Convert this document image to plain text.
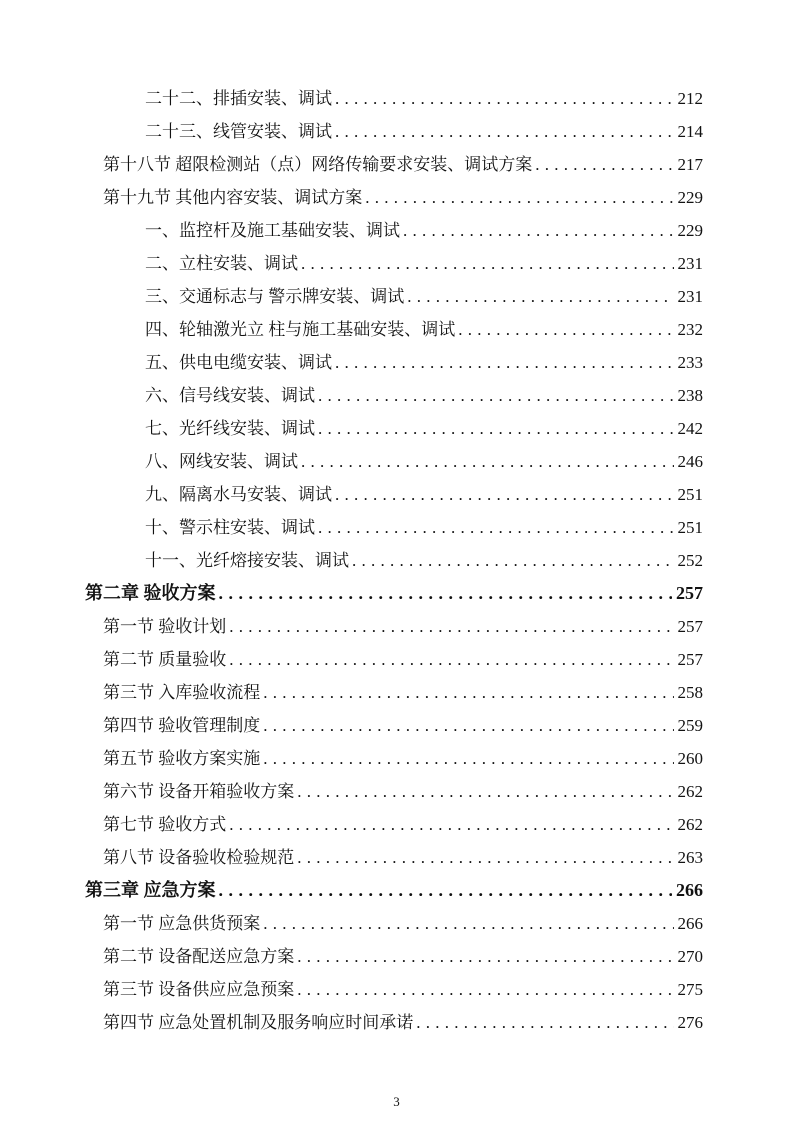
二十二、排插安装、调试 . . .	212
二十三、线管安装、调试 . . .	214
第十八节 超限检测站（点）网络传输要求安装、调试方案 . . .	217
第十九节 其他内容安装、调试方案 . . .	229
一、监控杆及施工基础安装、调试 . . .	229
二、立柱安装、调试 . . .	231
三、交通标志与 警示牌安装、调试 . . .	231
四、轮轴激光立 柱与施工基础安装、调试 . . .	232
五、供电电缆安装、调试 . . .	233
六、信号线安装、调试 . . .	238
七、光纤线安装、调试 . . .	242
八、网线安装、调试 . . .	246
九、隔离水马安装、调试 . . .	251
十、警示柱安装、调试 . . .	251
十一、光纤熔接安装、调试 . . .	252
第二章 验收方案 . . .	257
第一节 验收计划 . . .	257
第二节 质量验收 . . .	257
第三节 入库验收流程 . . .	258
第四节 验收管理制度 . . .	259
第五节 验收方案实施 . . .	260
第六节 设备开箱验收方案 . . .	262
第七节 验收方式 . . .	262
第八节 设备验收检验规范 . . .	263
第三章 应急方案 . . .	266
第一节 应急供货预案 . . .	266
第二节 设备配送应急方案 . . .	270
第三节 设备供应应急预案 . . .	275
第四节 应急处置机制及服务响应时间承诺 . . .	276
3
